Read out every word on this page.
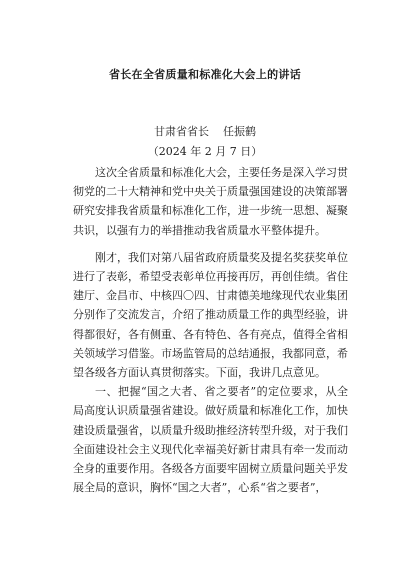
省长在全省质量和标准化大会上的讲话
甘肃省省长 任振鹤
（2024 年 2 月 7 日）

这次全省质量和标准化大会，主要任务是深入学习贯彻党的二十大精神和党中央关于质量强国建设的决策部署研究安排我省质量和标准化工作，进一步统一思想、凝聚共识，以强有力的举措推动我省质量水平整体提升。

刚才，我们对第八届省政府质量奖及提名奖获奖单位进行了表彰，希望受表彰单位再接再厉，再创佳绩。省住建厅、金昌市、中核四〇四、甘肃德美地缘现代农业集团分别作了交流发言，介绍了推动质量工作的典型经验，讲得都很好，各有侧重、各有特色、各有亮点，值得全省相关领域学习借鉴。市场监管局的总结通报，我都同意，希望各级各方面认真贯彻落实。下面，我讲几点意见。

一、把握“国之大者、省之要者”的定位要求，从全局高度认识质量强省建设。做好质量和标准化工作，加快建设质量强省，以质量升级助推经济转型升级，对于我们全面建设社会主义现代化幸福美好新甘肃具有牵一发而动全身的重要作用。各级各方面要牢固树立质量问题关乎发展全局的意识，胸怀“国之大者”，心系“省之要者”，
